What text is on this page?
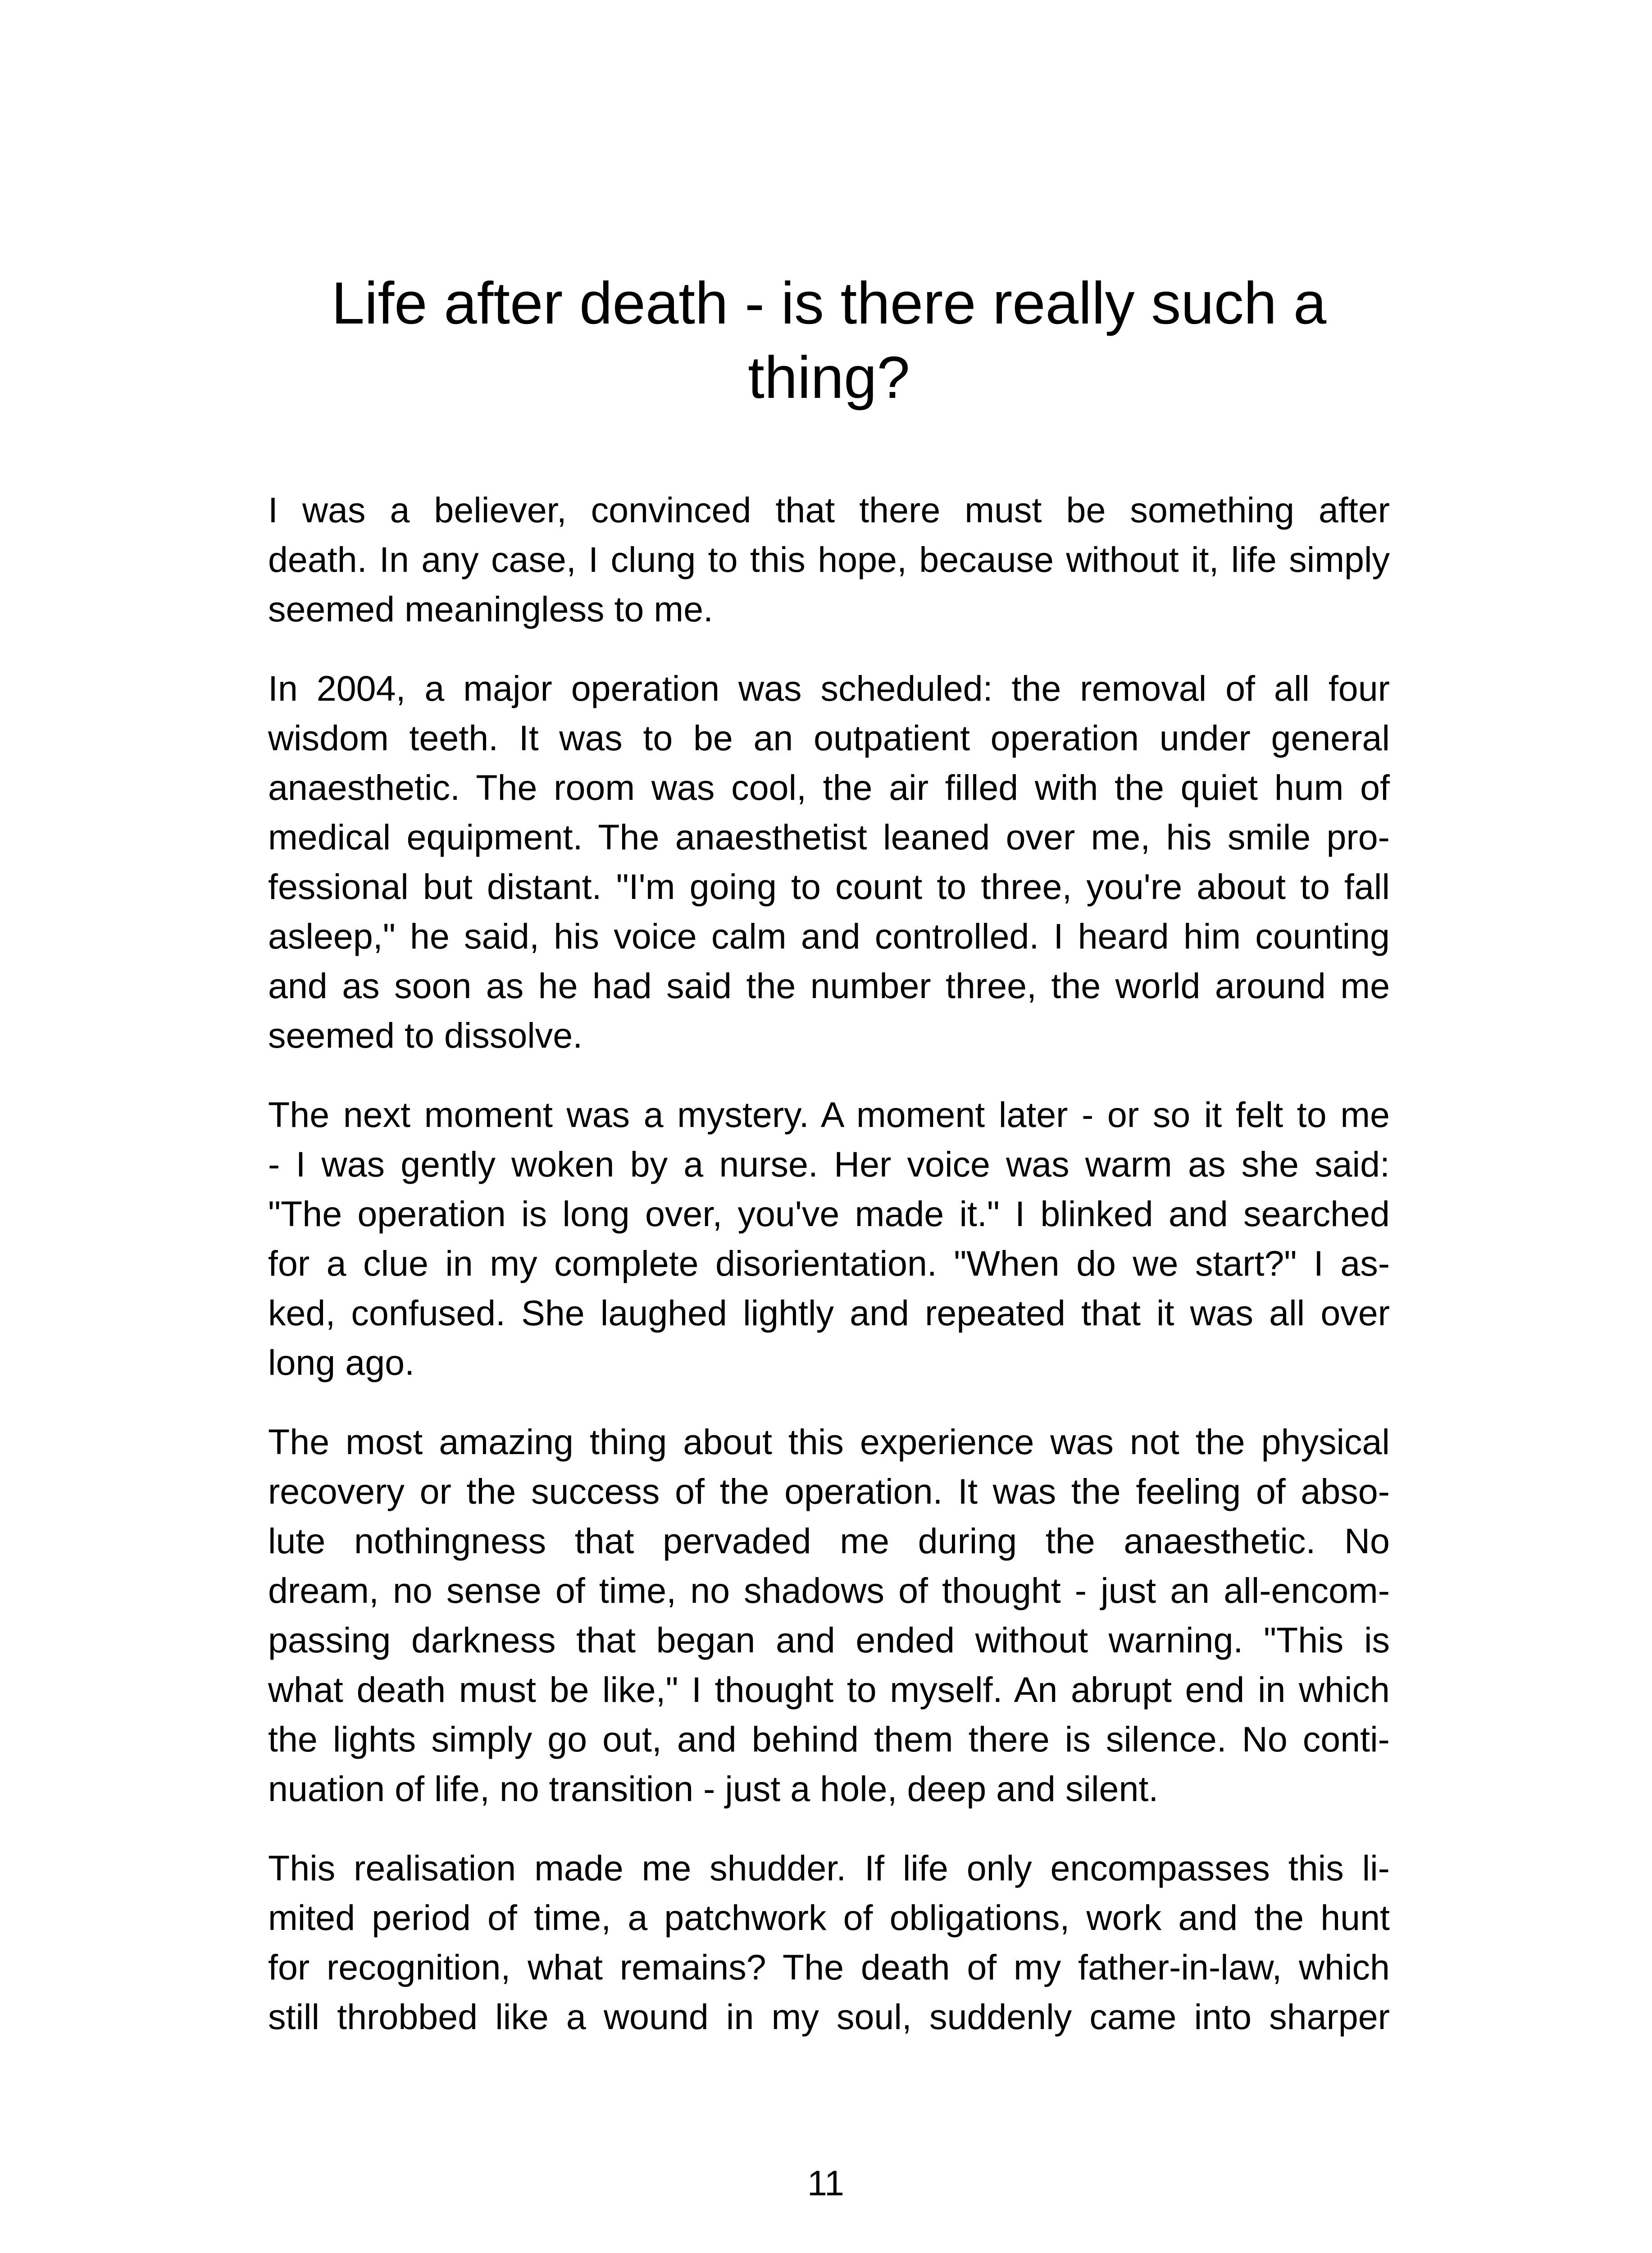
Life after death - is there really such a
thing?

I was a believer, convinced that there must be something after
death. In any case, I clung to this hope, because without it, life simply
seemed meaningless to me.

In 2004, a major operation was scheduled: the removal of all four
wisdom teeth. It was to be an outpatient operation under general
anaesthetic. The room was cool, the air filled with the quiet hum of
medical equipment. The anaesthetist leaned over me, his smile pro-
fessional but distant. "I'm going to count to three, you're about to fall
asleep," he said, his voice calm and controlled. I heard him counting
and as soon as he had said the number three, the world around me
seemed to dissolve.

The next moment was a mystery. A moment later - or so it felt to me
- I was gently woken by a nurse. Her voice was warm as she said:
"The operation is long over, you've made it." I blinked and searched
for a clue in my complete disorientation. "When do we start?" I as-
ked, confused. She laughed lightly and repeated that it was all over
long ago.

The most amazing thing about this experience was not the physical
recovery or the success of the operation. It was the feeling of abso-
lute nothingness that pervaded me during the anaesthetic. No
dream, no sense of time, no shadows of thought - just an all-encom-
passing darkness that began and ended without warning. "This is
what death must be like," I thought to myself. An abrupt end in which
the lights simply go out, and behind them there is silence. No conti-
nuation of life, no transition - just a hole, deep and silent.

This realisation made me shudder. If life only encompasses this li-
mited period of time, a patchwork of obligations, work and the hunt
for recognition, what remains? The death of my father-in-law, which
still throbbed like a wound in my soul, suddenly came into sharper

11
